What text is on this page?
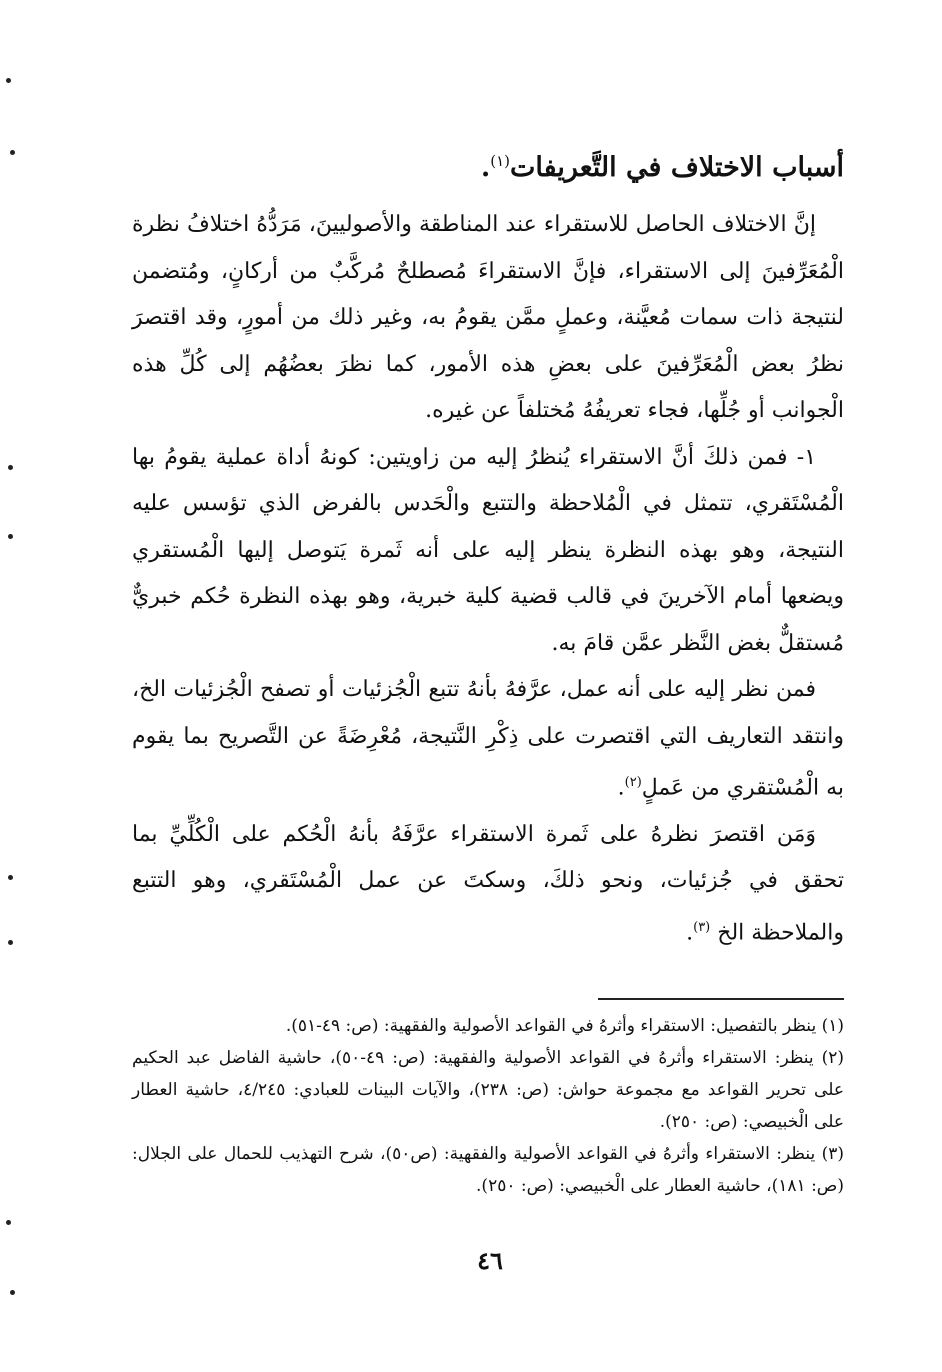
أسباب الاختلاف في التَّعريفات$^{(١)}$.

إنَّ الاختلاف الحاصل للاستقراء عند المناطقة والأصوليينَ، مَرَدُّهُ اختلافُ نظرة الْمُعَرِّفينَ إلى الاستقراء، فإنَّ الاستقراءَ مُصطلحٌ مُركَّبٌ من أركانٍ، ومُتضمن لنتيجة ذات سمات مُعيَّنة، وعملٍ ممَّن يقومُ به، وغير ذلك من أمورٍ، وقد اقتصرَ نظرُ بعض الْمُعَرِّفينَ على بعضِ هذه الأمور، كما نظرَ بعضُهُم إلى كُلِّ هذه الْجوانب أو جُلِّها، فجاء تعريفُهُ مُختلفاً عن غيره.

١- فمن ذلكَ أنَّ الاستقراء يُنظرُ إليه من زاويتين: كونهُ أداة عملية يقومُ بها الْمُسْتَقري، تتمثل في الْمُلاحظة والتتبع والْحَدس بالفرض الذي تؤسس عليه النتيجة، وهو بهذه النظرة ينظر إليه على أنه ثَمرة يَتوصل إليها الْمُستقري ويضعها أمام الآخرينَ في قالب قضية كلية خبرية، وهو بهذه النظرة حُكم خبريٌّ مُستقلٌّ بغض النَّظر عمَّن قامَ به.

فمن نظر إليه على أنه عمل، عرَّفهُ بأنهُ تتبع الْجُزئيات أو تصفح الْجُزئيات الخ، وانتقد التعاريف التي اقتصرت على ذِكْرِ النَّتيجة، مُعْرِضَةً عن التَّصريح بما يقوم به الْمُسْتقري من عَملٍ$^{(٢)}$.

وَمَن اقتصرَ نظرهُ على ثَمرة الاستقراء عرَّفَهُ بأنهُ الْحُكم على الْكُلِّيِّ بما تحقق في جُزئيات، ونحو ذلكَ، وسكتَ عن عمل الْمُسْتَقري، وهو التتبع والملاحظة الخ $^{(٣)}$.

(١) ينظر بالتفصيل: الاستقراء وأثرهُ في القواعد الأصولية والفقهية: (ص: ٤٩-٥١).

(٢) ينظر: الاستقراء وأثرهُ في القواعد الأصولية والفقهية: (ص: ٤٩-٥٠)، حاشية الفاضل عبد الحكيم على تحرير القواعد مع مجموعة حواش: (ص: ٢٣٨)، والآيات البينات للعبادي: ٤/٢٤٥، حاشية العطار على الْخبيصي: (ص: ٢٥٠).

(٣) ينظر: الاستقراء وأثرهُ في القواعد الأصولية والفقهية: (ص٥٠)، شرح التهذيب للحمال على الجلال: (ص: ١٨١)، حاشية العطار على الْخبيصي: (ص: ٢٥٠).

٤٦
